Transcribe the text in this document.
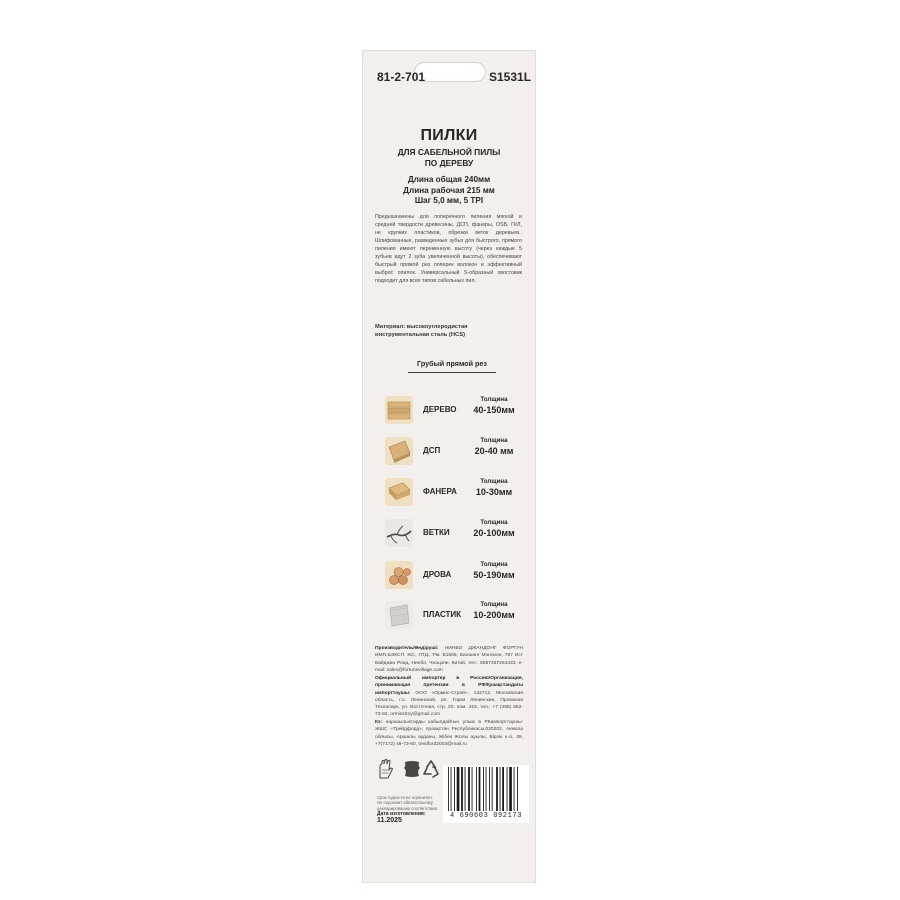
81-2-701	S1531L
ПИЛКИ
ДЛЯ САБЕЛЬНОЙ ПИЛЫ
ПО ДЕРЕВУ
Длина общая 240мм
Длина рабочая 215 мм
Шаг 5,0 мм, 5 TPI
Предназначены для поперечного пиления мягкой и средней твердости древесины, ДСП, фанеры, OSB, ГКЛ, не крупких пластиков, обрезки веток деревьев.. Шлифованные, разведенные зубья для быстрого, прямого пиления имеют переменную высоту (через каждые 5 зубьев идут 2 зуба увеличенной высоты), обеспечивают быстрый прямой рез поперек волокон и эффективный выброс опилок. Универсальный S-образный хвостовик подходит для всех типов сабельных пил.
Материал: высокоуглеродистая инструментальная сталь (HCS)
Грубый прямой рез
ДЕРЕВО
Толщина
40-150мм
ДСП
Толщина
20-40 мм
ФАНЕРА
Толщина
10-30мм
ВЕТКИ
Толщина
20-100мм
ДРОВА
Толщина
50-190мм
ПЛАСТИК
Толщина
10-200мм
Производитель/Өндіруші: НИНБО ДЖАНДОНГ ФОРТУН ИМП.&ЭКСП. КО., ЛТД., Рм. В1506, Баошанг Мэнсион, 787 Ист Байджан Роад, Нинбо, Чжэцзян, Китай, тел.: 8657487264433, e-mail: sales@fortunevillage.com
Официальный импортер в Россию/Организация, принимающая претензии в РФ/Қазақстандағы импорттаушы: ООО «Ормис-Строй», 142712, Московская область, г.о. Ленинский, рп. Горки Ленинские, Промзона Технопарк, ул. Восточная, стр. 20, пом. 315, тел.: +7 (495) 662-73-92, ormisstroy@gmail.com
Кз: наразылыктарды кабылдайтын улым в РКимпорттаушы: ЖШС «Трейдфорд», Қазақстан Республикасы,020202, Акмола облысы, Аршалы ауданы, Жібек Жолы ауылы, Бірлік к-сі, 39, +7(7172) 49-73-60, treidford2003@mail.ru
Срок годности не ограничен. Не подлежит обязательному декларированию соответствия.
Дата изготовления:
11.2025
4 690603 092173
